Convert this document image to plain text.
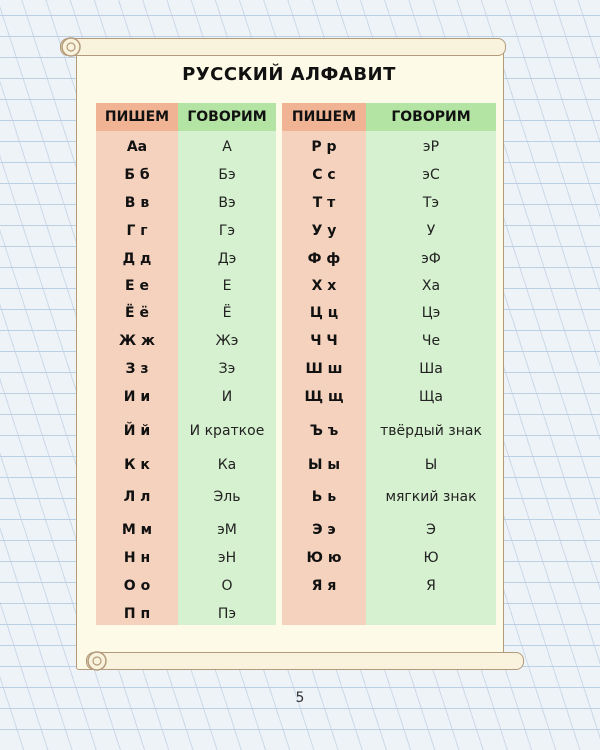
РУССКИЙ АЛФАВИТ
ПИШЕМ
Аа
Б б
В в
Г г
Д д
Е е
Ё ё
Ж ж
З з
И и
Й й
К к
Л л
М м
Н н
О о
П п
ГОВОРИМ
А
Бэ
Вэ
Гэ
Дэ
Е
Ё
Жэ
Зэ
И
И краткое
Ка
Эль
эМ
эН
О
Пэ
ПИШЕМ
Р р
С с
Т т
У у
Ф ф
Х х
Ц ц
Ч Ч
Ш ш
Щ щ
Ъ ъ
Ы ы
Ь ь
Э э
Ю ю
Я я
ГОВОРИМ
эР
эС
Тэ
У
эФ
Ха
Цэ
Че
Ша
Ща
твёрдый знак
Ы
мягкий знак
Э
Ю
Я
5
